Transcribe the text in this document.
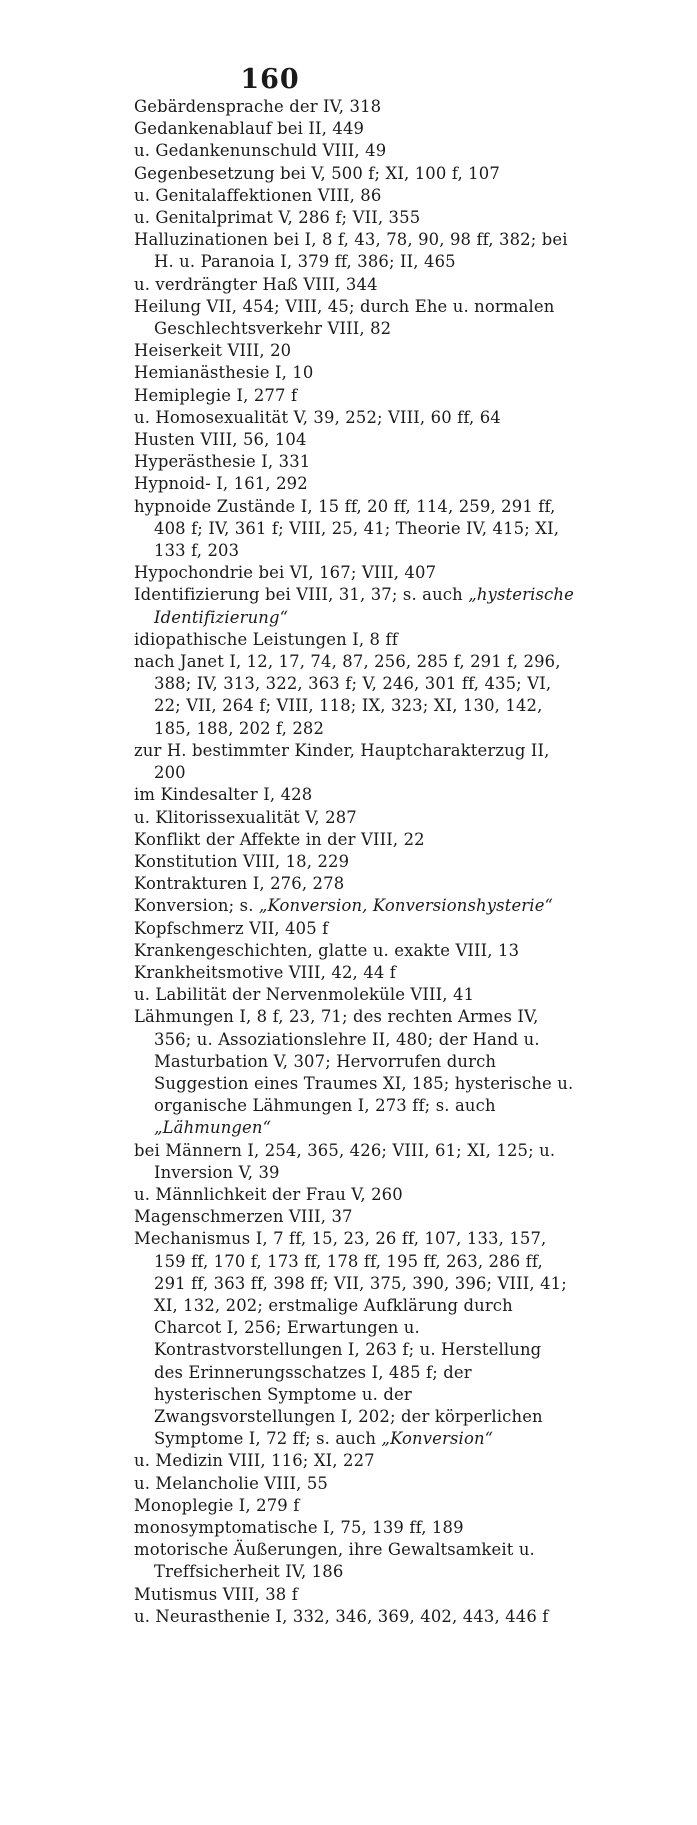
160
Gebärdensprache der IV, 318
Gedankenablauf bei II, 449
u. Gedankenunschuld VIII, 49
Gegenbesetzung bei V, 500 f; XI, 100 f, 107
u. Genitalaffektionen VIII, 86
u. Genitalprimat V, 286 f; VII, 355
Halluzinationen bei I, 8 f, 43, 78, 90, 98 ff, 382; bei H. u. Paranoia I, 379 ff, 386; II, 465
u. verdrängter Haß VIII, 344
Heilung VII, 454; VIII, 45; durch Ehe u. normalen Geschlechtsverkehr VIII, 82
Heiserkeit VIII, 20
Hemianästhesie I, 10
Hemiplegie I, 277 f
u. Homosexualität V, 39, 252; VIII, 60 ff, 64
Husten VIII, 56, 104
Hyperästhesie I, 331
Hypnoid- I, 161, 292
hypnoide Zustände I, 15 ff, 20 ff, 114, 259, 291 ff, 408 f; IV, 361 f; VIII, 25, 41; Theorie IV, 415; XI, 133 f, 203
Hypochondrie bei VI, 167; VIII, 407
Identifizierung bei VIII, 31, 37; s. auch „hysterische Identifizierung“
idiopathische Leistungen I, 8 ff
nach Janet I, 12, 17, 74, 87, 256, 285 f, 291 f, 296, 388; IV, 313, 322, 363 f; V, 246, 301 ff, 435; VI, 22; VII, 264 f; VIII, 118; IX, 323; XI, 130, 142, 185, 188, 202 f, 282
zur H. bestimmter Kinder, Hauptcharakterzug II, 200
im Kindesalter I, 428
u. Klitorissexualität V, 287
Konflikt der Affekte in der VIII, 22
Konstitution VIII, 18, 229
Kontrakturen I, 276, 278
Konversion; s. „Konversion, Konversionshysterie“
Kopfschmerz VII, 405 f
Krankengeschichten, glatte u. exakte VIII, 13
Krankheitsmotive VIII, 42, 44 f
u. Labilität der Nervenmoleküle VIII, 41
Lähmungen I, 8 f, 23, 71; des rechten Armes IV, 356; u. Assoziationslehre II, 480; der Hand u. Masturbation V, 307; Hervorrufen durch Suggestion eines Traumes XI, 185; hysterische u. organische Lähmungen I, 273 ff; s. auch „Lähmungen“
bei Männern I, 254, 365, 426; VIII, 61; XI, 125; u. Inversion V, 39
u. Männlichkeit der Frau V, 260
Magenschmerzen VIII, 37
Mechanismus I, 7 ff, 15, 23, 26 ff, 107, 133, 157, 159 ff, 170 f, 173 ff, 178 ff, 195 ff, 263, 286 ff, 291 ff, 363 ff, 398 ff; VII, 375, 390, 396; VIII, 41; XI, 132, 202; erstmalige Aufklärung durch Charcot I, 256; Erwartungen u. Kontrastvorstellungen I, 263 f; u. Herstellung des Erinnerungsschatzes I, 485 f; der hysterischen Symptome u. der Zwangsvorstellungen I, 202; der körperlichen Symptome I, 72 ff; s. auch „Konversion“
u. Medizin VIII, 116; XI, 227
u. Melancholie VIII, 55
Monoplegie I, 279 f
monosymptomatische I, 75, 139 ff, 189
motorische Äußerungen, ihre Gewaltsamkeit u. Treffsicherheit IV, 186
Mutismus VIII, 38 f
u. Neurasthenie I, 332, 346, 369, 402, 443, 446 f
